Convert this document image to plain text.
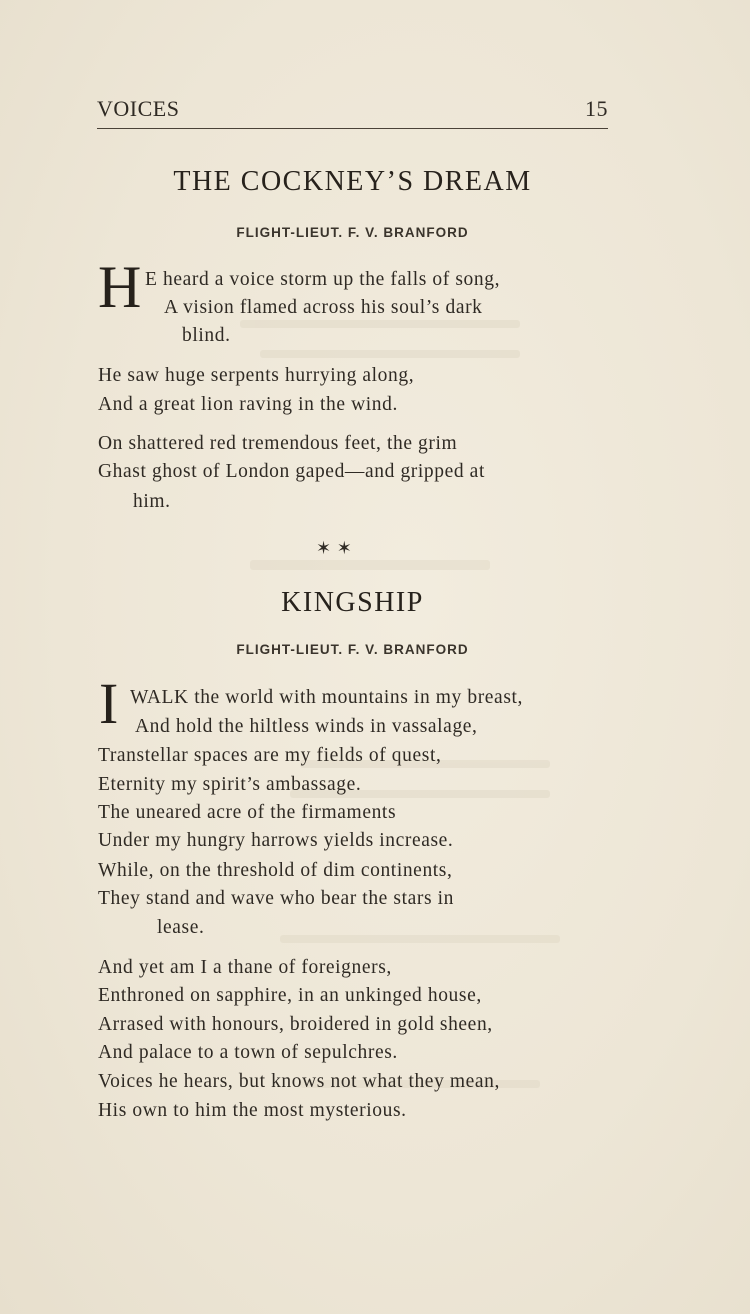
VOICES	15
THE COCKNEY’S DREAM
FLIGHT-LIEUT. F. V. BRANFORD
H E heard a voice storm up the falls of song,
A vision flamed across his soul’s dark
blind.
He saw huge serpents hurrying along,
And a great lion raving in the wind.
On shattered red tremendous feet, the grim
Ghast ghost of London gaped—and gripped at
him.
✶ ✶
KINGSHIP
FLIGHT-LIEUT. F. V. BRANFORD
I WALK the world with mountains in my breast,
And hold the hiltless winds in vassalage,
Transtellar spaces are my fields of quest,
Eternity my spirit’s ambassage.
The uneared acre of the firmaments
Under my hungry harrows yields increase.
While, on the threshold of dim continents,
They stand and wave who bear the stars in
lease.
And yet am I a thane of foreigners,
Enthroned on sapphire, in an unkinged house,
Arrased with honours, broidered in gold sheen,
And palace to a town of sepulchres.
Voices he hears, but knows not what they mean,
His own to him the most mysterious.
